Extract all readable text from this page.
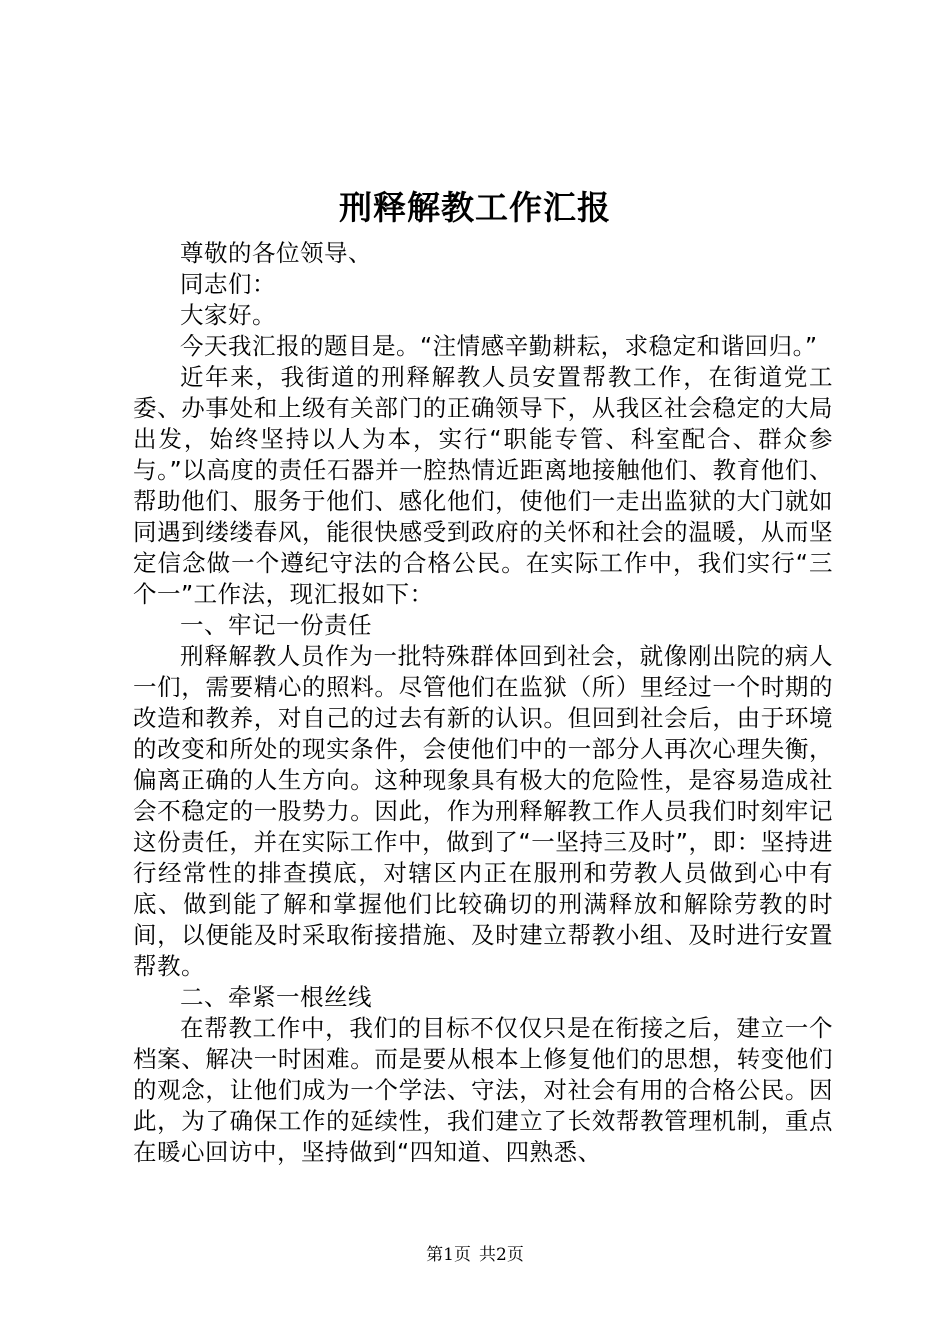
刑释解教工作汇报

尊敬的各位领导、

同志们：

大家好。

今天我汇报的题目是。“注情感辛勤耕耘，求稳定和谐回归。”

近年来，我街道的刑释解教人员安置帮教工作，在街道党工委、办事处和上级有关部门的正确领导下，从我区社会稳定的大局出发，始终坚持以人为本，实行“职能专管、科室配合、群众参与。”以高度的责任石器并一腔热情近距离地接触他们、教育他们、帮助他们、服务于他们、感化他们，使他们一走出监狱的大门就如同遇到缕缕春风，能很快感受到政府的关怀和社会的温暖，从而坚定信念做一个遵纪守法的合格公民。在实际工作中，我们实行“三个一”工作法，现汇报如下：

一、牢记一份责任

刑释解教人员作为一批特殊群体回到社会，就像刚出院的病人一们，需要精心的照料。尽管他们在监狱（所）里经过一个时期的改造和教养，对自己的过去有新的认识。但回到社会后，由于环境的改变和所处的现实条件，会使他们中的一部分人再次心理失衡，偏离正确的人生方向。这种现象具有极大的危险性，是容易造成社会不稳定的一股势力。因此，作为刑释解教工作人员我们时刻牢记这份责任，并在实际工作中，做到了“一坚持三及时”，即：坚持进行经常性的排查摸底，对辖区内正在服刑和劳教人员做到心中有底、做到能了解和掌握他们比较确切的刑满释放和解除劳教的时间，以便能及时采取衔接措施、及时建立帮教小组、及时进行安置帮教。

二、牵紧一根丝线

在帮教工作中，我们的目标不仅仅只是在衔接之后，建立一个档案、解决一时困难。而是要从根本上修复他们的思想，转变他们的观念，让他们成为一个学法、守法，对社会有用的合格公民。因此，为了确保工作的延续性，我们建立了长效帮教管理机制，重点在暖心回访中，坚持做到“四知道、四熟悉、

第1页 共2页
